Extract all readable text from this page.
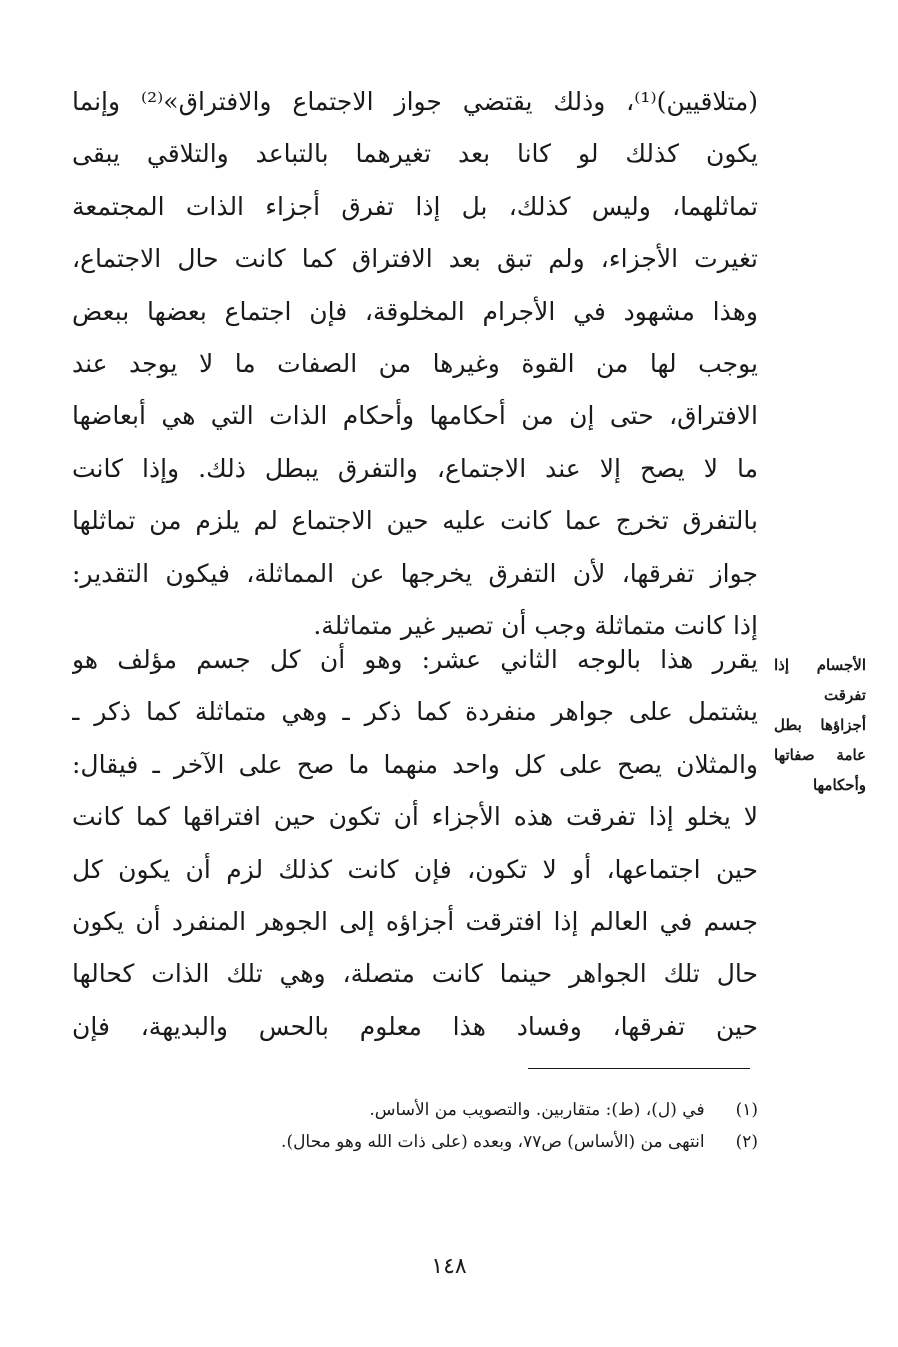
(متلاقيين)⁽¹⁾، وذلك يقتضي جواز الاجتماع والافتراق»⁽²⁾ وإنما
يكون كذلك لو كانا بعد تغيرهما بالتباعد والتلاقي يبقى
تماثلهما، وليس كذلك، بل إذا تفرق أجزاء الذات المجتمعة
تغيرت الأجزاء، ولم تبق بعد الافتراق كما كانت حال الاجتماع،
وهذا مشهود في الأجرام المخلوقة، فإن اجتماع بعضها ببعض
يوجب لها من القوة وغيرها من الصفات ما لا يوجد عند
الافتراق، حتى إن من أحكامها وأحكام الذات التي هي أبعاضها
ما لا يصح إلا عند الاجتماع، والتفرق يبطل ذلك. وإذا كانت
بالتفرق تخرج عما كانت عليه حين الاجتماع لم يلزم من تماثلها
جواز تفرقها، لأن التفرق يخرجها عن المماثلة، فيكون التقدير:
إذا كانت متماثلة وجب أن تصير غير متماثلة.
الأجسام إذا
تفرقت
أجزاؤها بطل
عامة صفاتها
وأحكامها
يقرر هذا بالوجه الثاني عشر: وهو أن كل جسم مؤلف هو
يشتمل على جواهر منفردة كما ذكر ـ وهي متماثلة كما ذكر ـ
والمثلان يصح على كل واحد منهما ما صح على الآخر ـ فيقال:
لا يخلو إذا تفرقت هذه الأجزاء أن تكون حين افتراقها كما كانت
حين اجتماعها، أو لا تكون، فإن كانت كذلك لزم أن يكون كل
جسم في العالم إذا افترقت أجزاؤه إلى الجوهر المنفرد أن يكون
حال تلك الجواهر حينما كانت متصلة، وهي تلك الذات كحالها
حين تفرقها، وفساد هذا معلوم بالحس والبديهة، فإن
(١) في (ل)، (ط): متقاربين. والتصويب من الأساس.
(٢) انتهى من (الأساس) ص٧٧، وبعده (على ذات الله وهو محال).
١٤٨
